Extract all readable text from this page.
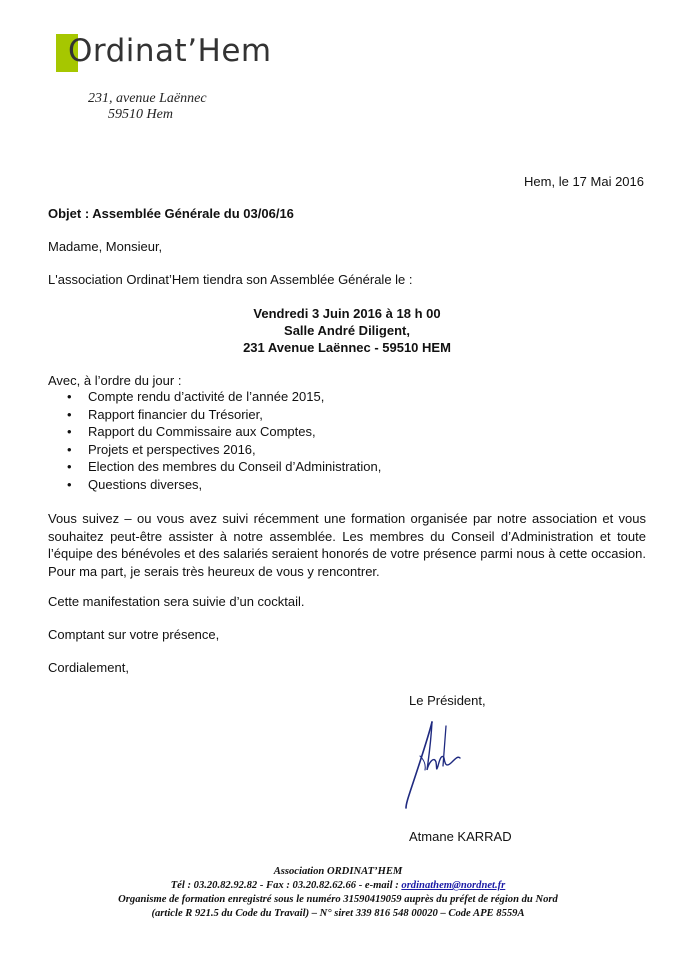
Ordinat’Hem
231, avenue Laënnec
59510 Hem
Hem, le 17 Mai 2016
Objet : Assemblée Générale du 03/06/16
Madame, Monsieur,
L'association Ordinat’Hem tiendra son Assemblée Générale le :
Vendredi 3 Juin 2016 à 18 h 00
Salle André Diligent,
231 Avenue Laënnec - 59510 HEM
Avec, à l’ordre du jour :
• Compte rendu d’activité de l’année 2015,
• Rapport financier du Trésorier,
• Rapport du Commissaire aux Comptes,
• Projets et perspectives 2016,
• Election des membres du Conseil d’Administration,
• Questions diverses,
Vous suivez – ou vous avez suivi récemment une formation organisée par notre association et vous souhaitez peut-être assister à notre assemblée. Les membres du Conseil d’Administration et toute l’équipe des bénévoles et des salariés seraient honorés de votre présence parmi nous à cette occasion. Pour ma part, je serais très heureux de vous y rencontrer.
Cette manifestation sera suivie d’un cocktail.
Comptant sur votre présence,
Cordialement,
Le Président,
Atmane KARRAD
Association ORDINAT’HEM
Tél : 03.20.82.92.82 - Fax : 03.20.82.62.66 - e-mail : ordinathem@nordnet.fr
Organisme de formation enregistré sous le numéro 31590419059 auprès du préfet de région du Nord
(article R 921.5 du Code du Travail) – N° siret 339 816 548 00020 – Code APE 8559A
